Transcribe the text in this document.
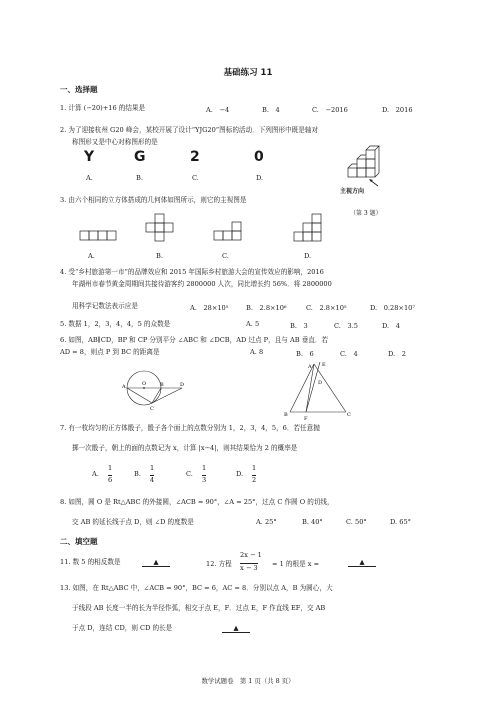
基础练习 11
一、选择题
1. 计算 (−20)+16 的结果是	A.　−4	B.　4	C.　−2016	D.　2016
2. 为了迎接杭州 G20 峰会，某校开展了设计“YJG20”图标的活动．下列图形中既是轴对
称图形又是中心对称图形的是
Y	G	2	0
A.	B.	C.	D.
主视方向
（第 3 题）
3. 由六个相同的立方体搭成的几何体如图所示，则它的主视图是
A.	B.	C.	D.
4. 受“乡村旅游第一市”的品牌效应和 2015 年国际乡村旅游大会的宣传效应的影响，2016
年湖州市春节黄金周期间共接待游客约 2800000 人次，同比增长约 56%．将 2800000
用科学记数法表示应是	A.　28×10⁵	B.　2.8×10⁶	C.　2.8×10⁵	D.　0.28×10⁷
5. 数据 1，2，3，4，4，5 的众数是	A. 5	B.　3	C.　3.5	D.　4
6. 如图，AB∥CD，BP 和 CP 分别平分 ∠ABC 和 ∠DCB，AD 过点 P，且与 AB 垂直．若
AD = 8，则点 P 到 BC 的距离是	A. 8	B.　6	C.　4	D.　2
A	O	B
C
D
E
A
D
B
F
C
7. 有一枚均匀的正方体骰子，骰子各个面上的点数分别为 1，2，3，4，5，6．若任意抛
掷一次骰子，朝上的面的点数记为 x，计算 |x−4|，则其结果恰为 2 的概率是
A.
1
6
B.
1
4
C.
1
3
D.
1
2
8. 如图，圆 O 是 Rt△ABC 的外接圆，∠ACB = 90°，∠A = 25°，过点 C 作圆 O 的切线，
交 AB 的延长线于点 D，则 ∠D 的度数是	A. 25°	B. 40°	C. 50°	D. 65°
二、填空题
11. 数 5 的相反数是	▲	12. 方程
2x − 1
x − 3 = 1 的根是 x =	▲
13. 如图，在 Rt△ABC 中，∠ACB = 90°，BC = 6，AC = 8．分别以点 A，B 为圆心，大
于线段 AB 长度一半的长为半径作弧，相交于点 E，F．过点 E，F 作直线 EF，交 AB
于点 D，连结 CD，则 CD 的长是	▲
数学试题卷　第 1 页（共 8 页）
